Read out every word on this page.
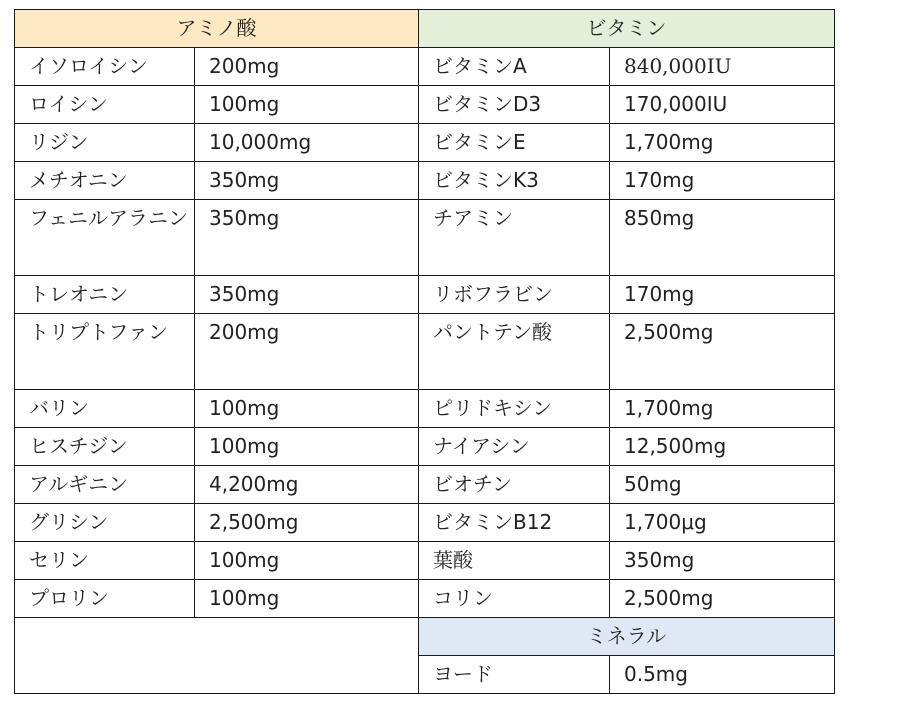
アミノ酸		ビタミン	
イソロイシン	200mg	ビタミンA	840,000IU
ロイシン	100mg	ビタミンD3	170,000IU
リジン	10,000mg	ビタミンE	1,700mg
メチオニン	350mg	ビタミンK3	170mg
フェニルアラニン	350mg	チアミン	850mg
トレオニン	350mg	リボフラビン	170mg
トリプトファン	200mg	パントテン酸	2,500mg
バリン	100mg	ピリドキシン	1,700mg
ヒスチジン	100mg	ナイアシン	12,500mg
アルギニン	4,200mg	ビオチン	50mg
グリシン	2,500mg	ビタミンB12	1,700μg
セリン	100mg	葉酸	350mg
プロリン	100mg	コリン	2,500mg
		ミネラル	
		ヨード	0.5mg
